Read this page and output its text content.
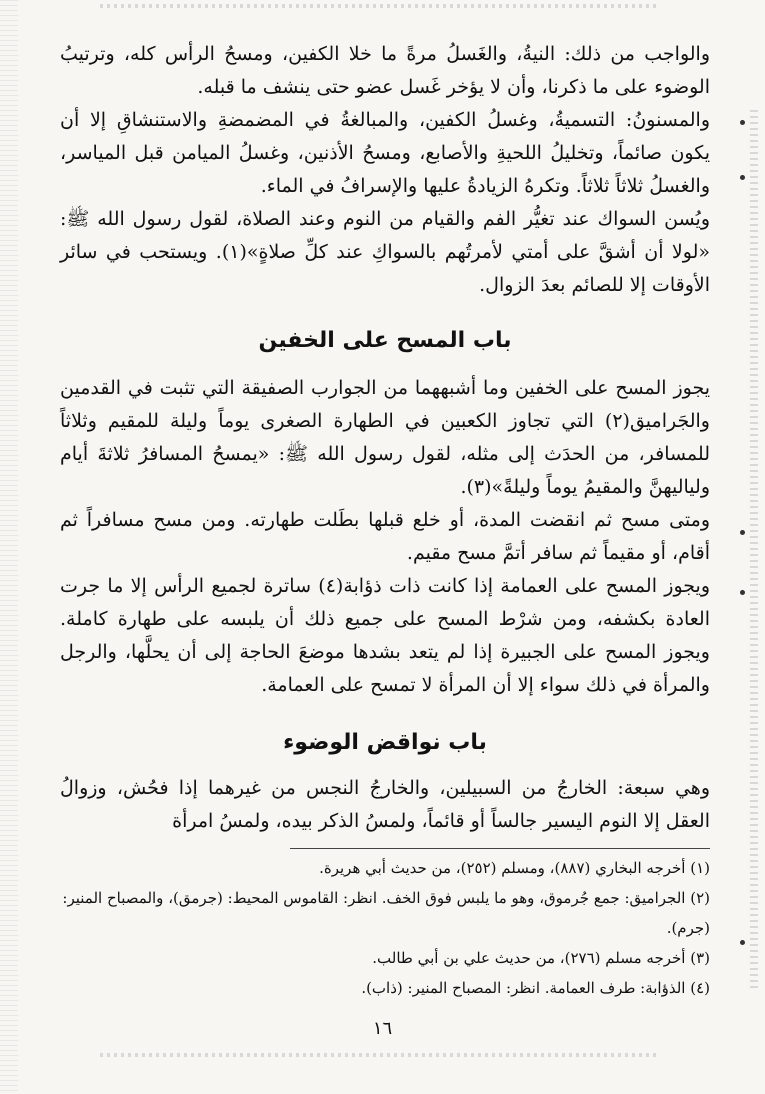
والواجب من ذلك: النيةُ، والغَسلُ مرةً ما خلا الكفين، ومسحُ الرأس كله، وترتيبُ الوضوء على ما ذكرنا، وأن لا يؤخر غَسل عضو حتى ينشف ما قبله.

والمسنونُ: التسميةُ، وغسلُ الكفين، والمبالغةُ في المضمضةِ والاستنشاقِ إلا أن يكون صائماً، وتخليلُ اللحيةِ والأصابع، ومسحُ الأذنين، وغسلُ الميامن قبل المياسر، والغسلُ ثلاثاً ثلاثاً. وتكرهُ الزيادةُ عليها والإسرافُ في الماء.

ويُسن السواك عند تغيُّر الفم والقيام من النوم وعند الصلاة، لقول رسول الله ﷺ: «لولا أن أشقَّ على أمتي لأمرتُهم بالسواكِ عند كلِّ صلاةٍ»(١). ويستحب في سائر الأوقات إلا للصائم بعدَ الزوال.

باب المسح على الخفين

يجوز المسح على الخفين وما أشبههما من الجوارب الصفيقة التي تثبت في القدمين والجَراميق(٢) التي تجاوز الكعبين في الطهارة الصغرى يوماً وليلة للمقيم وثلاثاً للمسافر، من الحدَث إلى مثله، لقول رسول الله ﷺ: «يمسحُ المسافرُ ثلاثةَ أيام ولياليهنَّ والمقيمُ يوماً وليلةً»(٣).

ومتى مسح ثم انقضت المدة، أو خلع قبلها بطَلت طهارته. ومن مسح مسافراً ثم أقام، أو مقيماً ثم سافر أتمَّ مسح مقيم.

ويجوز المسح على العمامة إذا كانت ذات ذؤابة(٤) ساترة لجميع الرأس إلا ما جرت العادة بكشفه، ومن شرْط المسح على جميع ذلك أن يلبسه على طهارة كاملة. ويجوز المسح على الجبيرة إذا لم يتعد بشدها موضعَ الحاجة إلى أن يحلَّها، والرجل والمرأة في ذلك سواء إلا أن المرأة لا تمسح على العمامة.

باب نواقض الوضوء

وهي سبعة: الخارجُ من السبيلين، والخارجُ النجس من غيرهما إذا فحُش، وزوالُ العقل إلا النوم اليسير جالساً أو قائماً، ولمسُ الذكر بيده، ولمسُ امرأة

(١) أخرجه البخاري (٨٨٧)، ومسلم (٢٥٢)، من حديث أبي هريرة.

(٢) الجراميق: جمع جُرموق، وهو ما يلبس فوق الخف. انظر: القاموس المحيط: (جرمق)، والمصباح المنير: (جرم).

(٣) أخرجه مسلم (٢٧٦)، من حديث علي بن أبي طالب.

(٤) الذؤابة: طرف العمامة. انظر: المصباح المنير: (ذاب).

١٦
